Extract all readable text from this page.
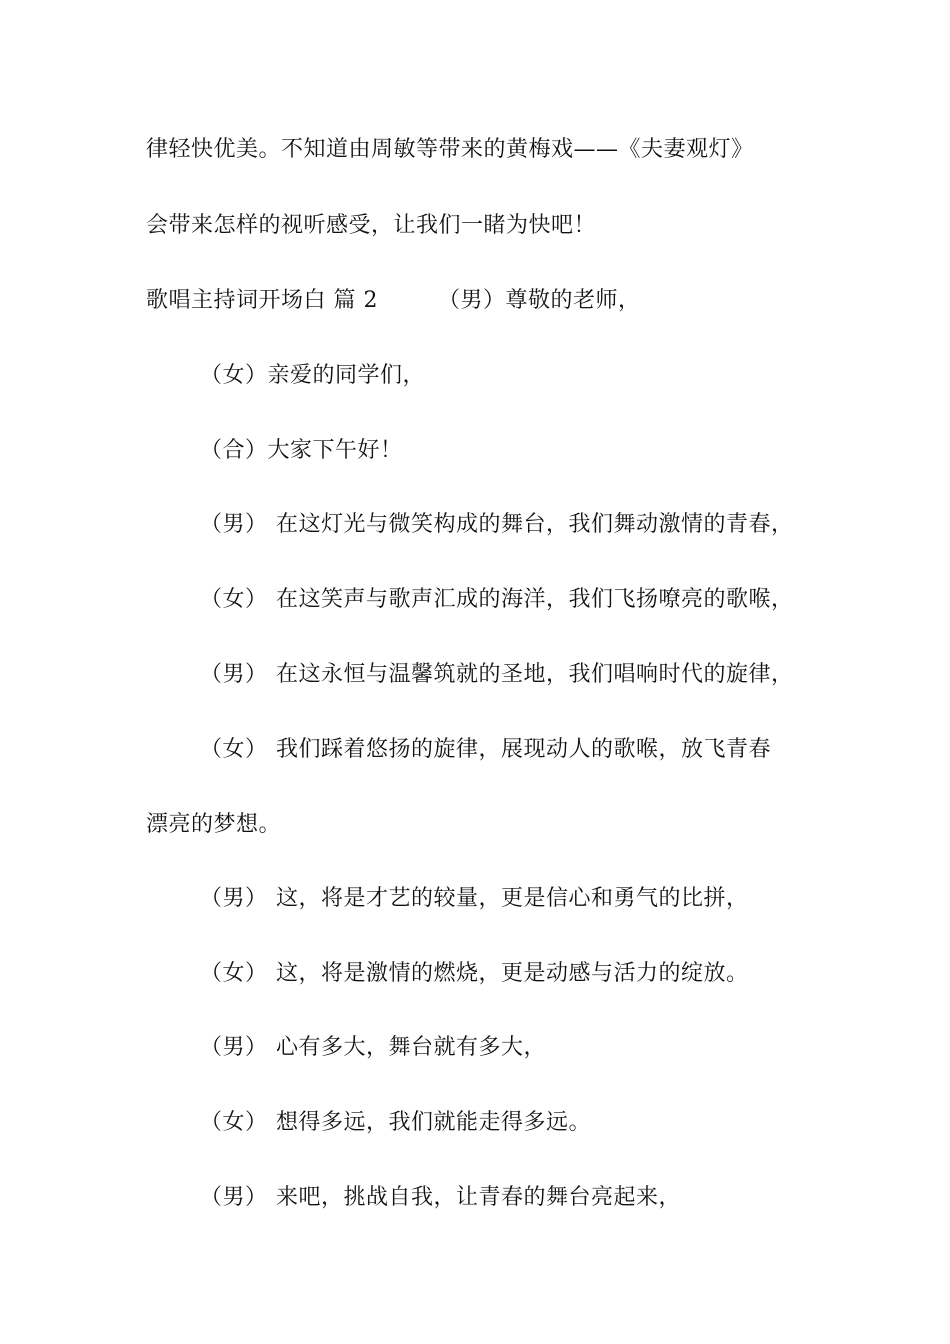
律轻快优美。不知道由周敏等带来的黄梅戏——《夫妻观灯》
会带来怎样的视听感受，让我们一睹为快吧！
歌唱主持词开场白 篇 2	（男）尊敬的老师，
（女）亲爱的同学们，
（合）大家下午好！
（男） 在这灯光与微笑构成的舞台，我们舞动激情的青春，
（女） 在这笑声与歌声汇成的海洋，我们飞扬嘹亮的歌喉，
（男） 在这永恒与温馨筑就的圣地，我们唱响时代的旋律，
（女） 我们踩着悠扬的旋律，展现动人的歌喉，放飞青春
漂亮的梦想。
（男） 这，将是才艺的较量，更是信心和勇气的比拼，
（女） 这，将是激情的燃烧，更是动感与活力的绽放。
（男） 心有多大，舞台就有多大，
（女） 想得多远，我们就能走得多远。
（男） 来吧，挑战自我，让青春的舞台亮起来，
